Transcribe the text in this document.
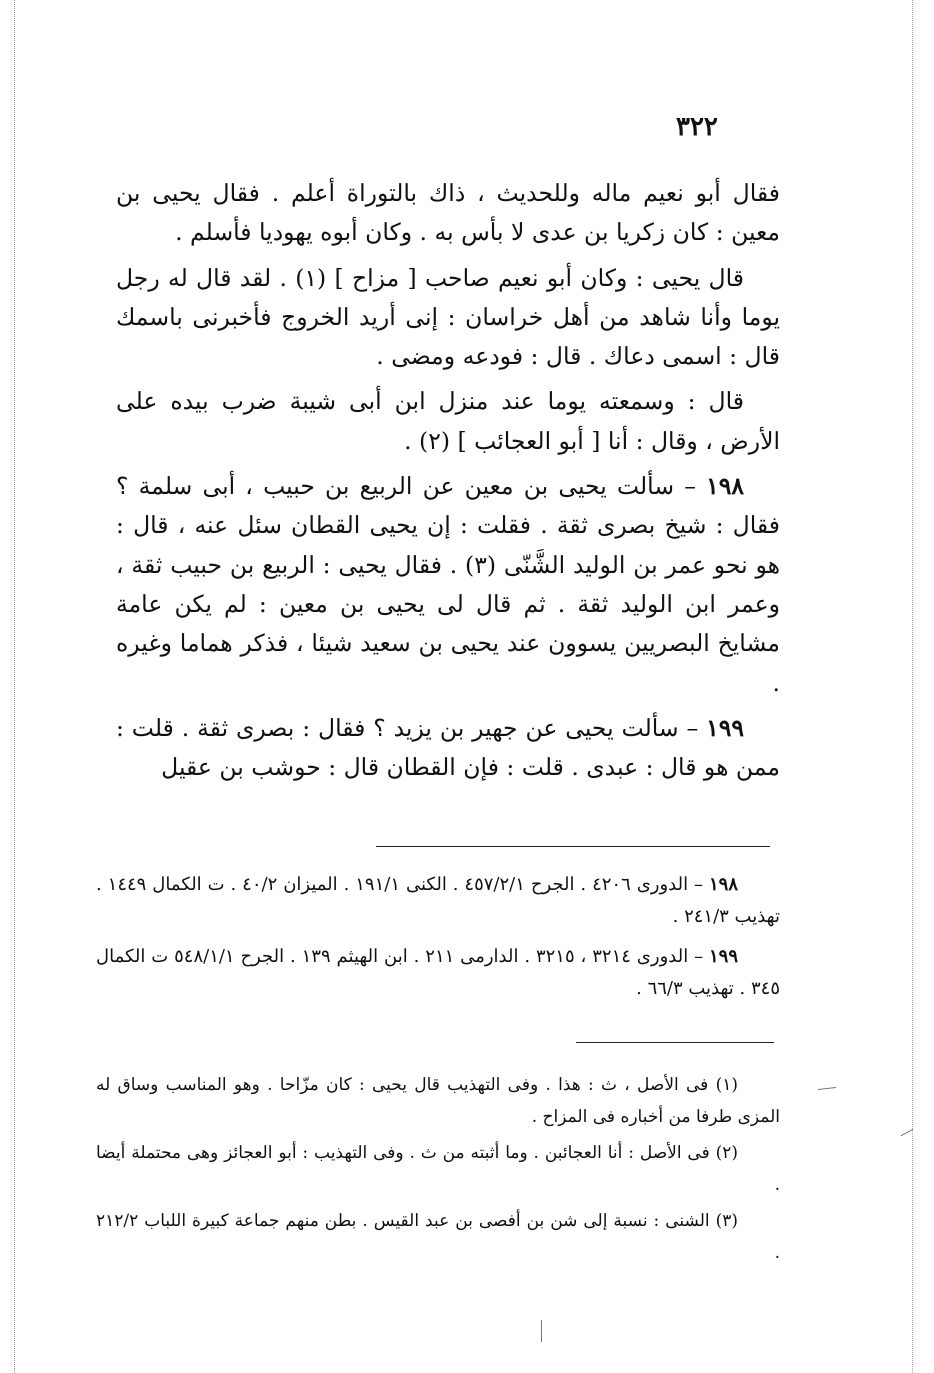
٣٢٢

فقال أبو نعيم ماله وللحديث ، ذاك بالتوراة أعلم . فقال يحيى بن معين : كان زكريا بن عدى لا بأس به . وكان أبوه يهوديا فأسلم .

قال يحيى : وكان أبو نعيم صاحب [ مزاح ] (١) . لقد قال له رجل يوما وأنا شاهد من أهل خراسان : إنى أريد الخروج فأخبرنى باسمك قال : اسمى دعاك . قال : فودعه ومضى .

قال : وسمعته يوما عند منزل ابن أبى شيبة ضرب بيده على الأرض ، وقال : أنا [ أبو العجائب ] (٢) .

١٩٨ – سألت يحيى بن معين عن الربيع بن حبيب ، أبى سلمة ؟ فقال : شيخ بصرى ثقة . فقلت : إن يحيى القطان سئل عنه ، قال : هو نحو عمر بن الوليد الشَّنّى (٣) . فقال يحيى : الربيع بن حبيب ثقة ، وعمر ابن الوليد ثقة . ثم قال لى يحيى بن معين : لم يكن عامة مشايخ البصريين يسوون عند يحيى بن سعيد شيئا ، فذكر هماما وغيره .

١٩٩ – سألت يحيى عن جهير بن يزيد ؟ فقال : بصرى ثقة . قلت : ممن هو قال : عبدى . قلت : فإن القطان قال : حوشب بن عقيل

١٩٨ – الدورى ٤٢٠٦ . الجرح ٤٥٧/٢/١ . الكنى ١٩١/١ . الميزان ٤٠/٢ . ت الكمال ١٤٤٩ . تهذيب ٢٤١/٣ .

١٩٩ – الدورى ٣٢١٤ ، ٣٢١٥ . الدارمى ٢١١ . ابن الهيثم ١٣٩ . الجرح ٥٤٨/١/١ ت الكمال ٣٤٥ . تهذيب ٦٦/٣ .

(١) فى الأصل ، ث : هذا . وفى التهذيب قال يحيى : كان مزّاحا . وهو المناسب وساق له المزى طرفا من أخباره فى المزاح .

(٢) فى الأصل : أنا العجائبن . وما أثبته من ث . وفى التهذيب : أبو العجائز وهى محتملة أيضا .

(٣) الشنى : نسبة إلى شن بن أفصى بن عبد القيس . بطن منهم جماعة كبيرة اللباب ٢١٢/٢ .
